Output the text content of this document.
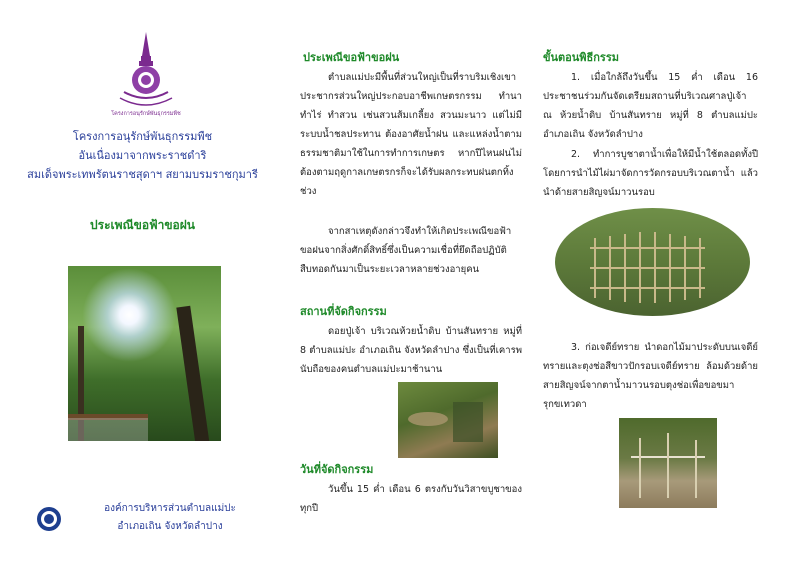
โครงการอนุรักษ์พันธุกรรมพืช
โครงการอนุรักษ์พันธุกรรมพืช
อันเนื่องมาจากพระราชดำริ
สมเด็จพระเทพรัตนราชสุดาฯ สยามบรมราชกุมารี
ประเพณีขอฟ้าขอฝน
องค์การบริหารส่วนตำบลแม่ปะ
อำเภอเถิน จังหวัดลำปาง
ประเพณีขอฟ้าขอฝน
ตำบลแม่ปะมีพื้นที่ส่วนใหญ่เป็นที่ราบริมเชิงเขา ประชากรส่วนใหญ่ประกอบอาชีพเกษตรกรรม ทำนา ทำไร่ ทำสวน เช่นสวนส้มเกลี้ยง สวนมะนาว แต่ไม่มีระบบน้ำชลประทาน ต้องอาศัยน้ำฝน และแหล่งน้ำตามธรรมชาติมาใช้ในการทำการเกษตร หากปีไหนฝนไม่ต้องตามฤดูกาลเกษตรกรก็จะได้รับผลกระทบฝนตกทิ้งช่วง
จากสาเหตุดังกล่าวจึงทำให้เกิดประเพณีขอฟ้าขอฝนจากสิ่งศักดิ์สิทธิ์ซึ่งเป็นความเชื่อที่ยึดถือปฏิบัติสืบทอดกันมาเป็นระยะเวลาหลายช่วงอายุคน
สถานที่จัดกิจกรรม
ดอยปู่เจ้า บริเวณห้วยน้ำดิบ บ้านสันทราย หมู่ที่ 8 ตำบลแม่ปะ อำเภอเถิน จังหวัดลำปาง ซึ่งเป็นที่เคารพนับถือของคนตำบลแม่ปะมาช้านาน
วันที่จัดกิจกรรม
วันขึ้น 15 ค่ำ เดือน 6 ตรงกับวันวิสาขบูชาของทุกปี
ขั้นตอนพิธีกรรม
1. เมื่อใกล้ถึงวันขึ้น 15 ค่ำ เดือน 16 ประชาชนร่วมกันจัดเตรียมสถานที่บริเวณศาลปู่เจ้า ณ ห้วยน้ำดิบ บ้านสันทราย หมู่ที่ 8 ตำบลแม่ปะ อำเภอเถิน จังหวัดลำปาง
2. ทำการบูชาตาน้ำเพื่อให้มีน้ำใช้ตลอดทั้งปี โดยการนำไม้ไผ่มาจัดการวัดกรอบบริเวณตาน้ำ แล้วนำด้ายสายสิญจน์มาวนรอบ
3. ก่อเจดีย์ทราย นำดอกไม้มาประดับบนเจดีย์ทรายและตุงช่อสีขาวปักรอบเจดีย์ทราย ล้อมด้วยด้ายสายสิญจน์จากตาน้ำมาวนรอบตุงช่อเพื่อขอขมารุกขเทวดา
